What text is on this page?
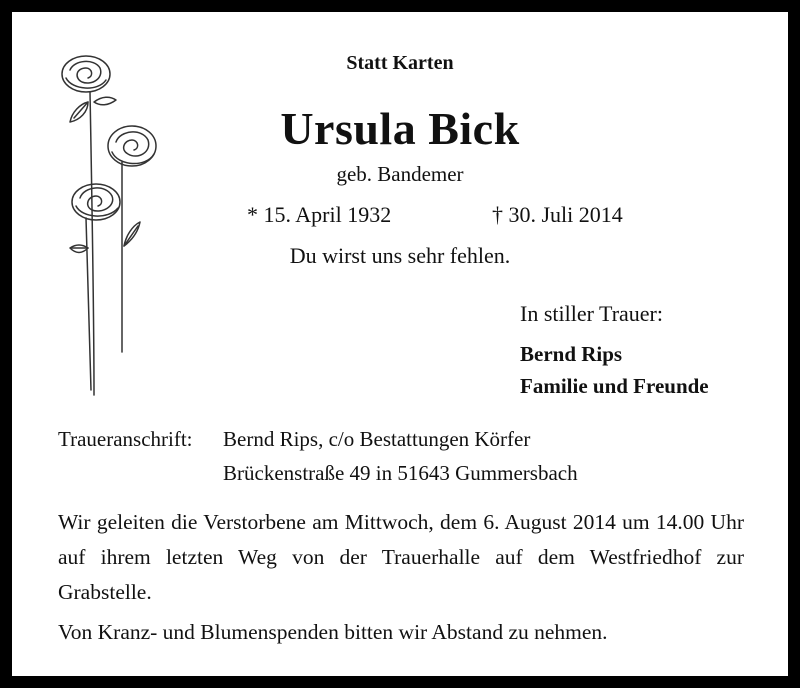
Statt Karten
Ursula Bick
geb. Bandemer
* 15. April 1932	† 30. Juli 2014
Du wirst uns sehr fehlen.
In stiller Trauer:
Bernd Rips
Familie und Freunde
Traueranschrift: Bernd Rips, c/o Bestattungen Körfer
Brückenstraße 49 in 51643 Gummersbach
Wir geleiten die Verstorbene am Mittwoch, dem 6. August 2014 um 14.00 Uhr auf ihrem letzten Weg von der Trauerhalle auf dem Westfriedhof zur Grabstelle.
Von Kranz- und Blumenspenden bitten wir Abstand zu nehmen.
